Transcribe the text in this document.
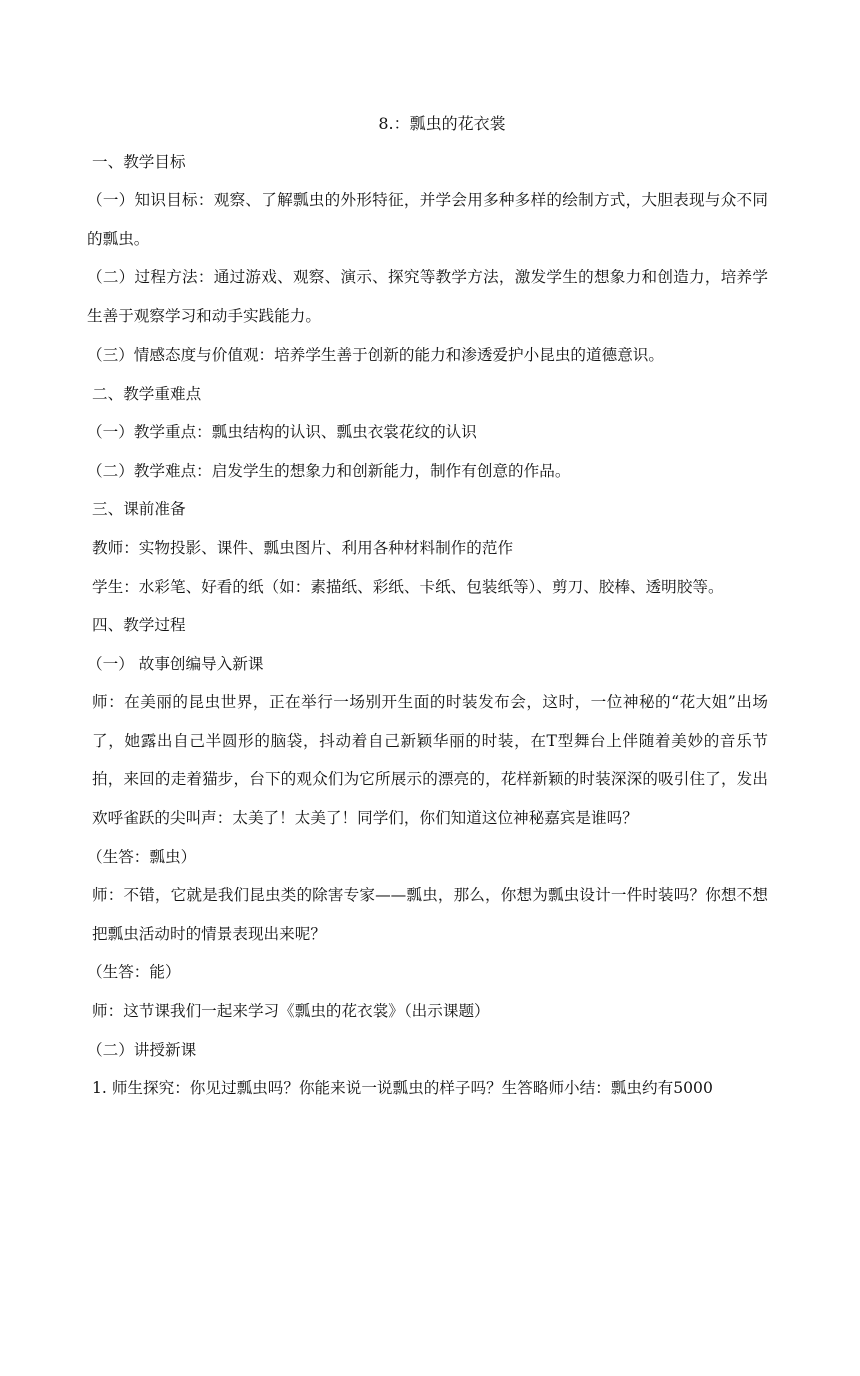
8.：瓢虫的花衣裳
一、教学目标
（一）知识目标：观察、了解瓢虫的外形特征，并学会用多种多样的绘制方式，大胆表现与众不同的瓢虫。
（二）过程方法：通过游戏、观察、演示、探究等教学方法，激发学生的想象力和创造力，培养学生善于观察学习和动手实践能力。
（三）情感态度与价值观：培养学生善于创新的能力和渗透爱护小昆虫的道德意识。
二、教学重难点
（一）教学重点：瓢虫结构的认识、瓢虫衣裳花纹的认识
（二）教学难点：启发学生的想象力和创新能力，制作有创意的作品。
三、课前准备
教师：实物投影、课件、瓢虫图片、利用各种材料制作的范作
学生：水彩笔、好看的纸（如：素描纸、彩纸、卡纸、包装纸等）、剪刀、胶棒、透明胶等。
四、教学过程
（一） 故事创编导入新课
师：在美丽的昆虫世界，正在举行一场别开生面的时装发布会，这时，一位神秘的“花大姐”出场了，她露出自己半圆形的脑袋，抖动着自己新颖华丽的时装，在T型舞台上伴随着美妙的音乐节拍，来回的走着猫步，台下的观众们为它所展示的漂亮的，花样新颖的时装深深的吸引住了，发出欢呼雀跃的尖叫声：太美了！太美了！同学们，你们知道这位神秘嘉宾是谁吗？
（生答：瓢虫）
师：不错，它就是我们昆虫类的除害专家——瓢虫，那么，你想为瓢虫设计一件时装吗？你想不想把瓢虫活动时的情景表现出来呢？
（生答：能）
师：这节课我们一起来学习《瓢虫的花衣裳》（出示课题）
（二）讲授新课
1. 师生探究：你见过瓢虫吗？你能来说一说瓢虫的样子吗？生答略师小结：瓢虫约有5000
